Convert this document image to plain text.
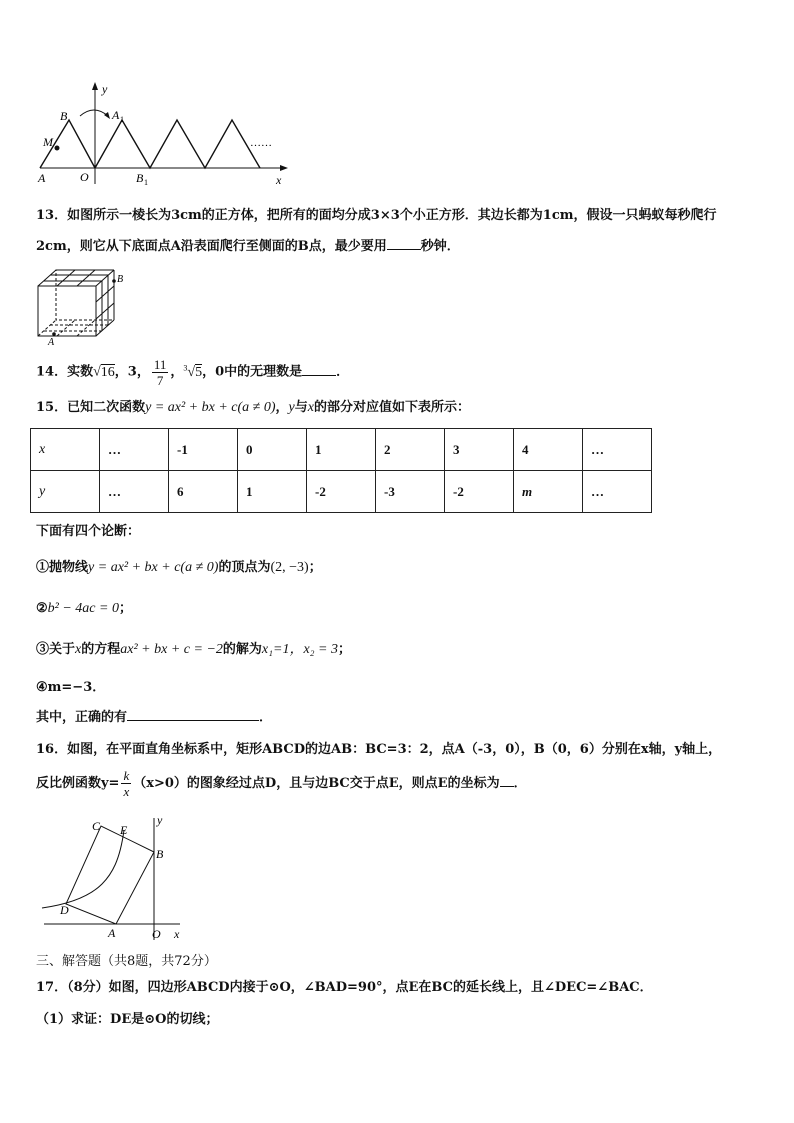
……
y
x
B	A 1
M
A	O	B 1
13．如图所示一棱长为3cm的正方体，把所有的面均分成3×3个小正方形．其边长都为1cm，假设一只蚂蚁每秒爬行
2cm，则它从下底面点A沿表面爬行至侧面的B点，最少要用	秒钟．
B
A
14．实数√16，3， $\frac{11}{7}$ ，$^3$√5，0中的无理数是	．
15．已知二次函数y = ax² + bx + c(a ≠ 0)，y与x的部分对应值如下表所示：
x	…	-1	0	1	2	3	4	…
y	…	6	1	-2	-3	-2	m	…
下面有四个论断：
①抛物线y = ax² + bx + c(a ≠ 0)的顶点为(2, −3)；
②b² − 4ac = 0；
③关于x的方程ax² + bx + c = −2的解为x₁=1，x₂ = 3；
④m=−3．
其中，正确的有	．
16．如图，在平面直角坐标系中，矩形ABCD的边AB：BC=3：2，点A（-3，0），B（0，6）分别在x轴，y轴上，
反比例函数$y= \frac{k}{x} (x>0)$的图象经过点D，且与边BC交于点E，则点E的坐标为 ．
C E
y
B
D
A	O x
三、解答题（共8题，共72分）
17．（8分）如图，四边形ABCD内接于⊙O，∠BAD=90°，点E在BC的延长线上，且∠DEC=∠BAC．
（1）求证：DE是⊙O的切线；
